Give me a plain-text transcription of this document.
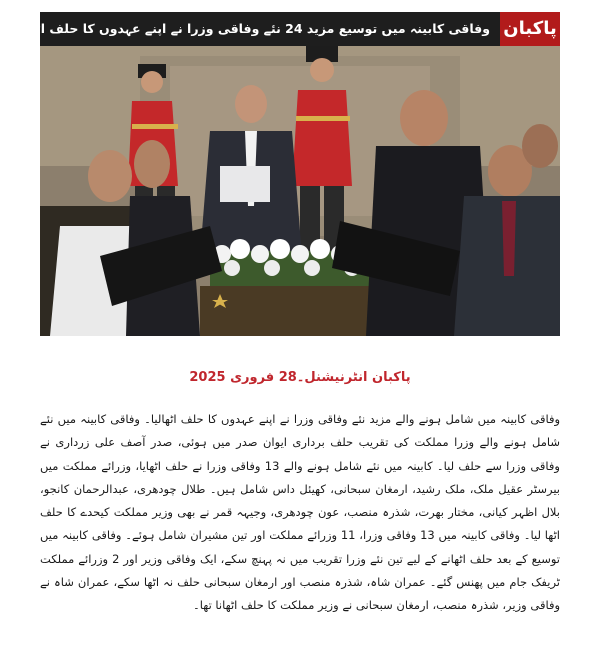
پاکبان
وفاقی کابینہ میں توسیع مزید 24 نئے وفاقی وزرا نے اپنے عہدوں کا حلف اٹھالیا
پاکبان انٹرنیشنل۔28 فروری 2025
وفاقی کابینہ میں شامل ہونے والے مزید نئے وفاقی وزرا نے اپنے عہدوں کا حلف اٹھالیا۔ وفاقی کابینہ میں نئے شامل ہونے والے وزرا مملکت کی تقریب حلف برداری ایوان صدر میں ہوئی، صدر آصف علی زرداری نے وفاقی وزرا سے حلف لیا۔ کابینہ میں نئے شامل ہونے والے 13 وفاقی وزرا نے حلف اٹھایا، وزرائے مملکت میں بیرسٹر عقیل ملک، ملک رشید، ارمغان سبحانی، کھیئل داس شامل ہیں۔ طلال چودھری، عبدالرحمان کانجو، بلال اظہر کیانی، مختار بھرت، شذرہ منصب، عون چودھری، وجیہہ قمر نے بھی وزیر مملکت کیحدے کا حلف اٹھا لیا۔ وفاقی کابینہ میں 13 وفاقی وزرا، 11 وزرائے مملکت اور تین مشیران شامل ہوئے۔ وفاقی کابینہ میں توسیع کے بعد حلف اٹھانے کے لیے تین نئے وزرا تقریب میں نہ پہنچ سکے، ایک وفاقی وزیر اور 2 وزرائے مملکت ٹریفک جام میں پھنس گئے۔ عمران شاہ، شذرہ منصب اور ارمغان سبحانی حلف نہ اٹھا سکے، عمران شاہ نے وفاقی وزیر، شذرہ منصب، ارمغان سبحانی نے وزیر مملکت کا حلف اٹھانا تھا۔
